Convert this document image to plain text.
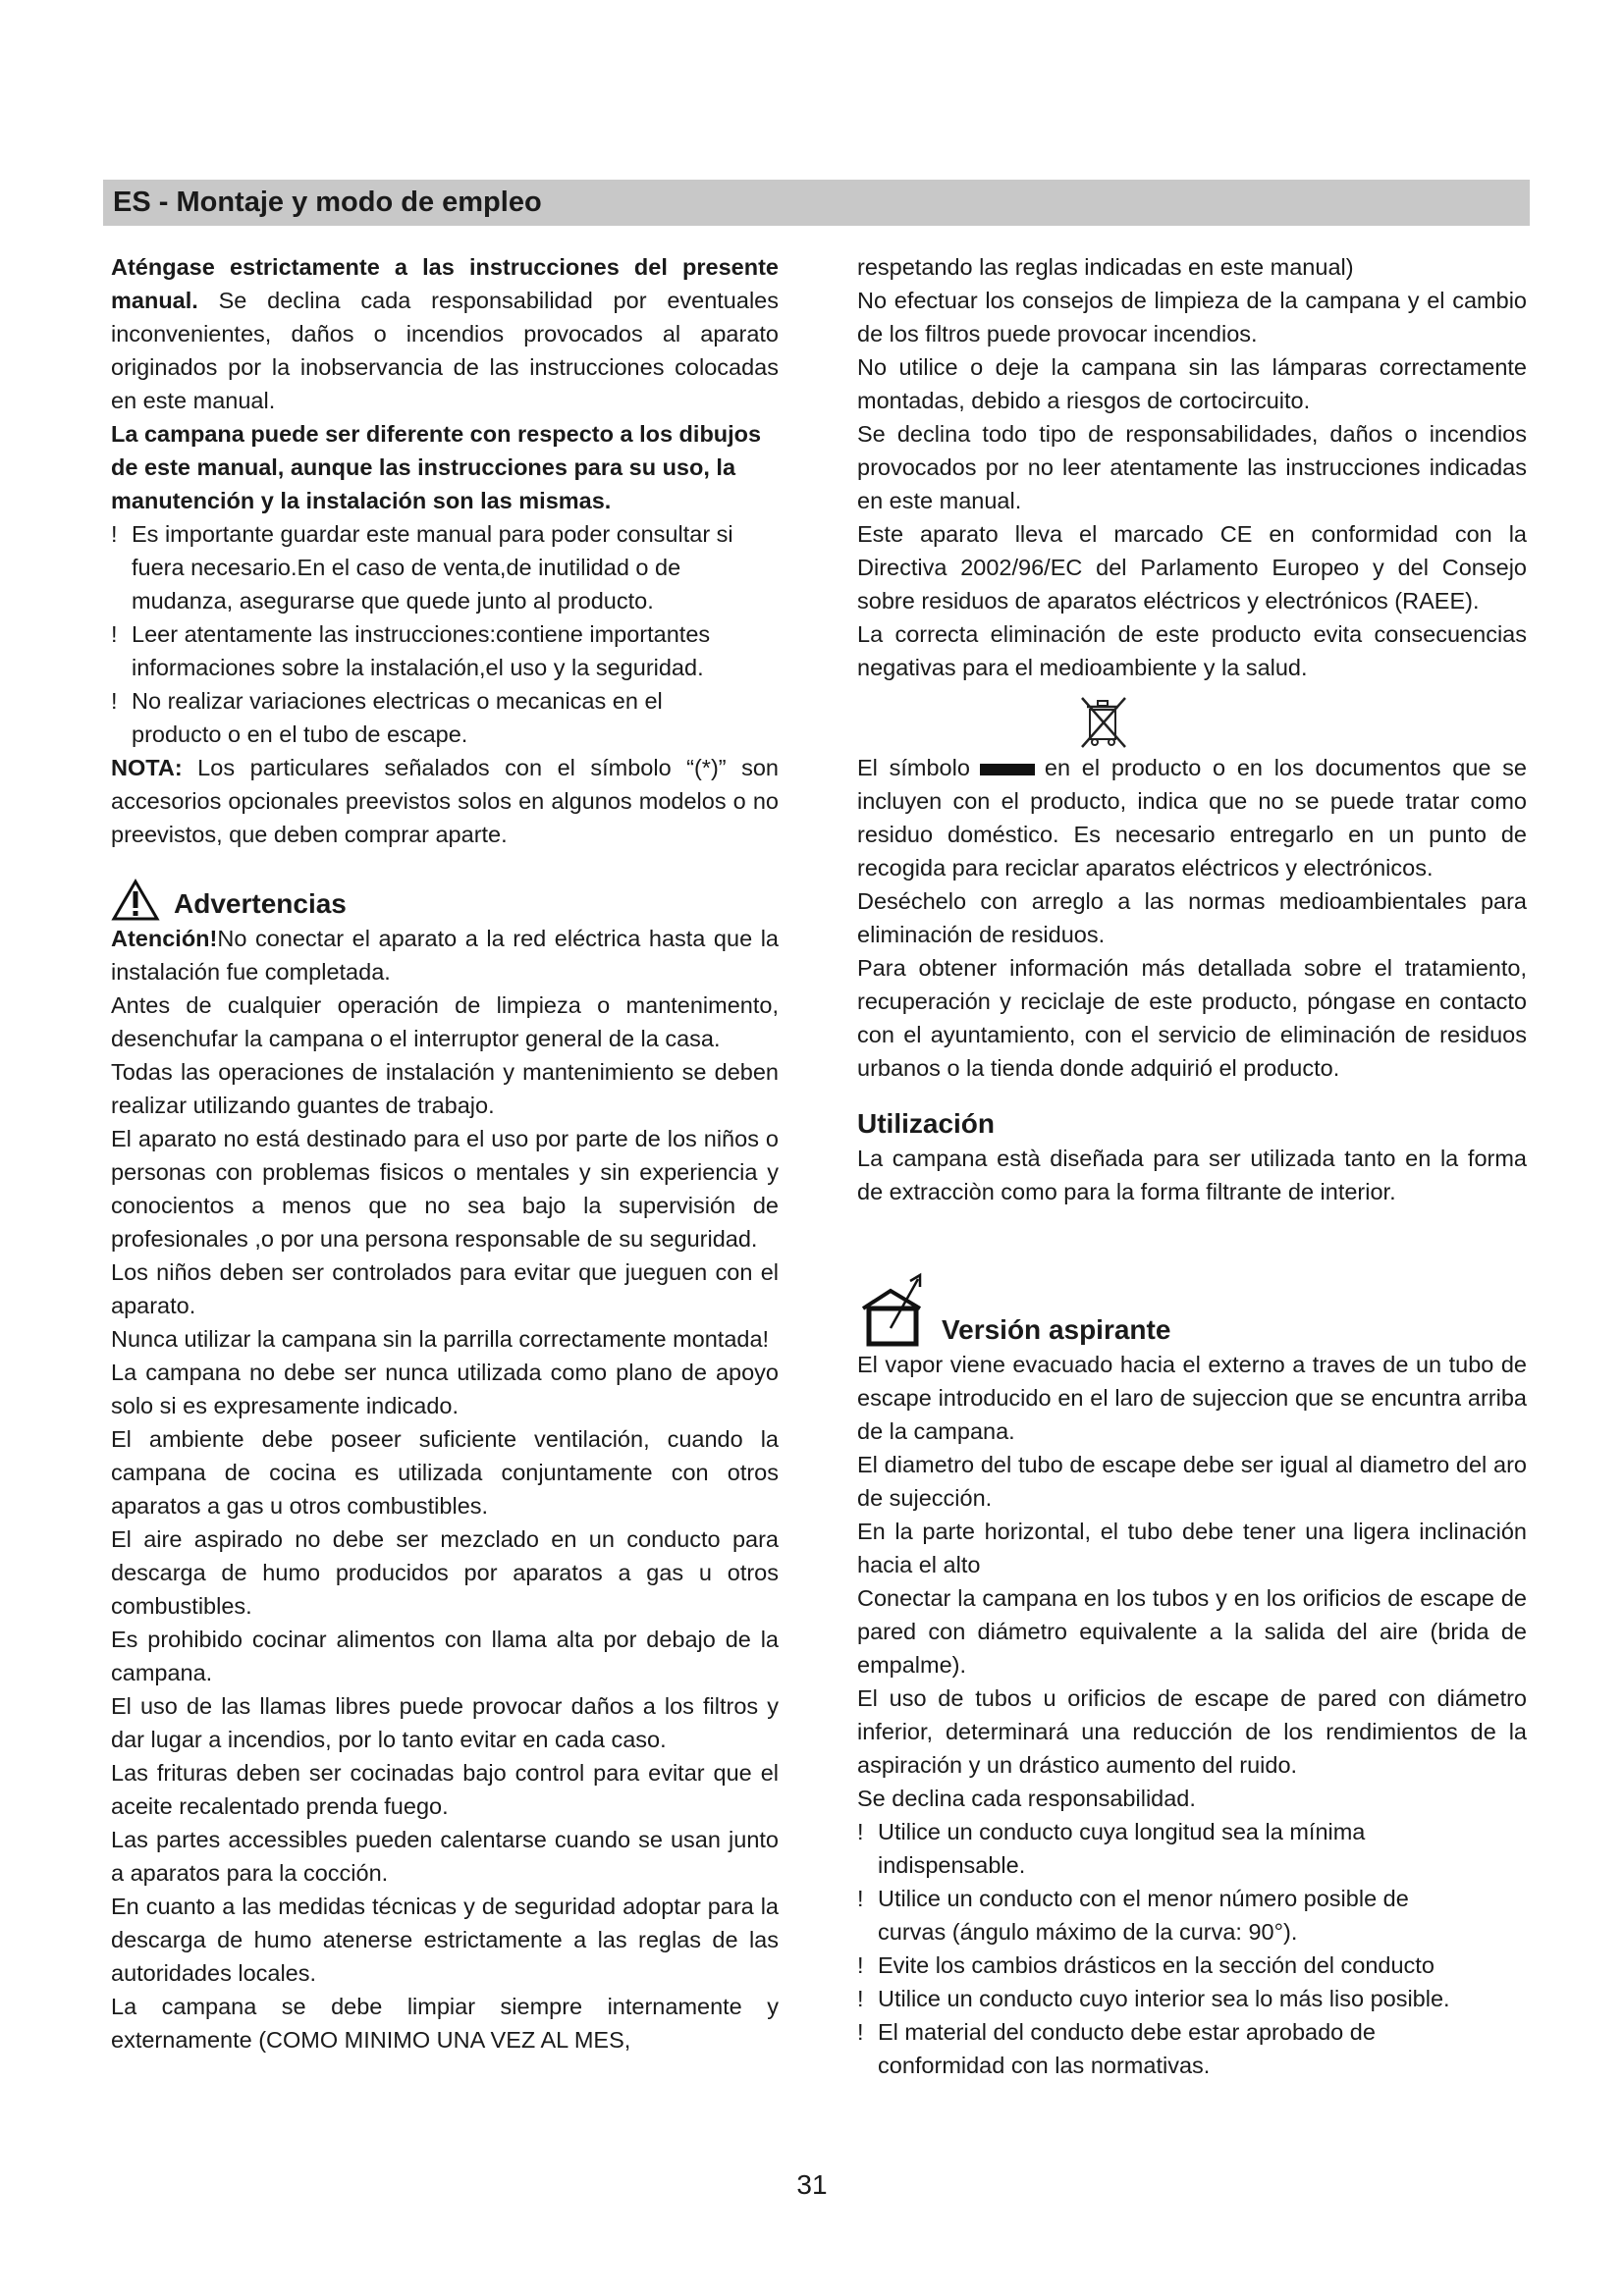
ES - Montaje y modo de empleo

Aténgase estrictamente a las instrucciones del presente manual. Se declina cada responsabilidad por eventuales inconvenientes, daños o incendios provocados al aparato originados por la inobservancia de las instrucciones colocadas en este manual.

La campana puede ser diferente con respecto a los dibujos de este manual, aunque las instrucciones para su uso, la manutención y la instalación son las mismas.

! Es importante guardar este manual para poder consultar si fuera necesario.En el caso de venta,de inutilidad o de mudanza, asegurarse que quede junto al producto.
! Leer atentamente las instrucciones:contiene importantes informaciones sobre la instalación,el uso y la seguridad.
! No realizar variaciones electricas o mecanicas en el producto o en el tubo de escape.

NOTA: Los particulares señalados con el símbolo “(*)” son accesorios opcionales preevistos solos en algunos modelos o no preevistos, que deben comprar aparte.

Advertencias

Atención!No conectar el aparato a la red eléctrica hasta que la instalación fue completada.

Antes de cualquier operación de limpieza o mantenimento, desenchufar la campana o el interruptor general de la casa.

Todas las operaciones de instalación y mantenimiento se deben realizar utilizando guantes de trabajo.

El aparato no está destinado para el uso por parte de los niños o personas con problemas fisicos o mentales y sin experiencia y conocientos a menos que no sea bajo la supervisión de profesionales ,o por una persona responsable de su seguridad.

Los niños deben ser controlados para evitar que jueguen con el aparato.

Nunca utilizar la campana sin la parrilla correctamente montada!

La campana no debe ser nunca utilizada como plano de apoyo solo si es expresamente indicado.

El ambiente debe poseer suficiente ventilación, cuando la campana de cocina es utilizada conjuntamente con otros aparatos a gas u otros combustibles.

El aire aspirado no debe ser mezclado en un conducto para descarga de humo producidos por aparatos a gas u otros combustibles.

Es prohibido cocinar alimentos con llama alta por debajo de la campana.

El uso de las llamas libres puede provocar daños a los filtros y dar lugar a incendios, por lo tanto evitar en cada caso.

Las frituras deben ser cocinadas bajo control para evitar que el aceite recalentado prenda fuego.

Las partes accessibles pueden calentarse cuando se usan junto a aparatos para la cocción.

En cuanto a las medidas técnicas y de seguridad adoptar para la descarga de humo atenerse estrictamente a las reglas de las autoridades locales.

La campana se debe limpiar siempre internamente y externamente (COMO MINIMO UNA VEZ AL MES,

respetando las reglas indicadas en este manual)

No efectuar los consejos de limpieza de la campana y el cambio de los filtros puede provocar incendios.

No utilice o deje la campana sin las lámparas correctamente montadas, debido a riesgos de cortocircuito.

Se declina todo tipo de responsabilidades, daños o incendios provocados por no leer atentamente las instrucciones indicadas en este manual.

Este aparato lleva el marcado CE en conformidad con la Directiva 2002/96/EC del Parlamento Europeo y del Consejo sobre residuos de aparatos eléctricos y electrónicos (RAEE).

La correcta eliminación de este producto evita consecuencias negativas para el medioambiente y la salud.

El símbolo	en el producto o en los documentos que se incluyen con el producto, indica que no se puede tratar como residuo doméstico. Es necesario entregarlo en un punto de recogida para reciclar aparatos eléctricos y electrónicos.

Deséchelo con arreglo a las normas medioambientales para eliminación de residuos.

Para obtener información más detallada sobre el tratamiento, recuperación y reciclaje de este producto, póngase en contacto con el ayuntamiento, con el servicio de eliminación de residuos urbanos o la tienda donde adquirió el producto.

Utilización

La campana està diseñada para ser utilizada tanto en la forma de extracciòn como para la forma filtrante de interior.

Versión aspirante

El vapor viene evacuado hacia el externo a traves de un tubo de escape introducido en el laro de sujeccion que se encuntra arriba de la campana.

El diametro del tubo de escape debe ser igual al diametro del aro de sujección.

En la parte horizontal, el tubo debe tener una ligera inclinación hacia el alto

Conectar la campana en los tubos y en los orificios de escape de pared con diámetro equivalente a la salida del aire (brida de empalme).

El uso de tubos u orificios de escape de pared con diámetro inferior, determinará una reducción de los rendimientos de la aspiración y un drástico aumento del ruido.

Se declina cada responsabilidad.

! Utilice un conducto cuya longitud sea la mínima indispensable.
! Utilice un conducto con el menor número posible de curvas (ángulo máximo de la curva: 90°).
! Evite los cambios drásticos en la sección del conducto
! Utilice un conducto cuyo interior sea lo más liso posible.
! El material del conducto debe estar aprobado de conformidad con las normativas.
31
